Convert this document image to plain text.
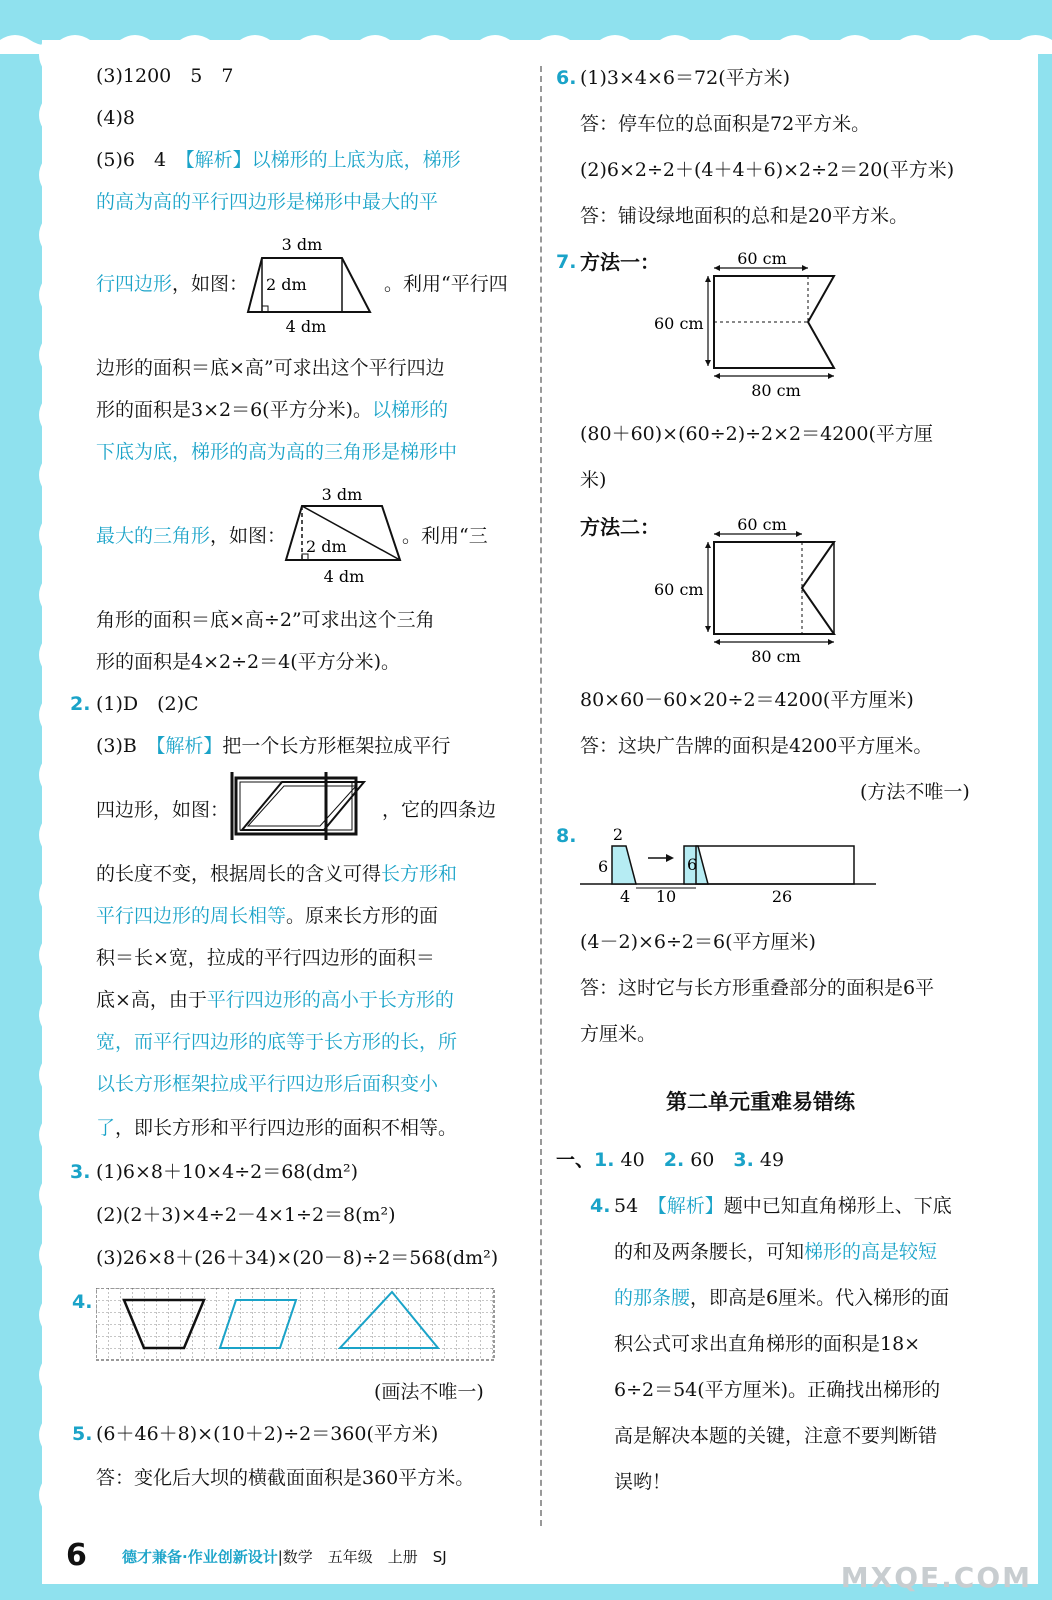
(3)1200　5　7
(4)8
(5)6　4　【解析】以梯形的上底为底，梯形
的高为高的平行四边形是梯形中最大的平
行四边形，如图：
3 dm
2 dm
4 dm
。利用“平行四
边形的面积＝底×高”可求出这个平行四边
形的面积是3×2＝6(平方分米)。以梯形的
下底为底，梯形的高为高的三角形是梯形中
最大的三角形，如图：
3 dm
2 dm
4 dm
。利用“三
角形的面积＝底×高÷2”可求出这个三角
形的面积是4×2÷2＝4(平方分米)。
2. (1)D　(2)C
(3)B　【解析】把一个长方形框架拉成平行
四边形，如图：	，它的四条边
的长度不变，根据周长的含义可得长方形和
平行四边形的周长相等。原来长方形的面
积＝长×宽，拉成的平行四边形的面积＝
底×高，由于平行四边形的高小于长方形的
宽，而平行四边形的底等于长方形的长，所
以长方形框架拉成平行四边形后面积变小
了，即长方形和平行四边形的面积不相等。
3. (1)6×8＋10×4÷2＝68(dm²)
(2)(2＋3)×4÷2－4×1÷2＝8(m²)
(3)26×8＋(26＋34)×(20－8)÷2＝568(dm²)
4.
(画法不唯一)
5. (6＋46＋8)×(10＋2)÷2＝360(平方米)
答：变化后大坝的横截面面积是360平方米。
6. (1)3×4×6＝72(平方米)
答：停车位的总面积是72平方米。
(2)6×2÷2＋(4＋4＋6)×2÷2＝20(平方米)
答：铺设绿地面积的总和是20平方米。
7. 方法一：	60 cm
60 cm
80 cm
(80＋60)×(60÷2)÷2×2＝4200(平方厘
米)
方法二：	60 cm
60 cm
80 cm
80×60－60×20÷2＝4200(平方厘米)
答：这块广告牌的面积是4200平方厘米。
(方法不唯一)
8. 2
6
4
6
10	26
(4－2)×6÷2＝6(平方厘米)
答：这时它与长方形重叠部分的面积是6平
方厘米。
第二单元重难易错练
一、1. 40　 2. 60　 3. 49
4. 54　【解析】题中已知直角梯形上、下底
的和及两条腰长，可知梯形的高是较短
的那条腰，即高是6厘米。代入梯形的面
积公式可求出直角梯形的面积是18×
6÷2＝54(平方厘米)。正确找出梯形的
高是解决本题的关键，注意不要判断错
误哟！
6 德才兼备·作业创新设计|数学　五年级　上册　SJ
MXQE.COM
